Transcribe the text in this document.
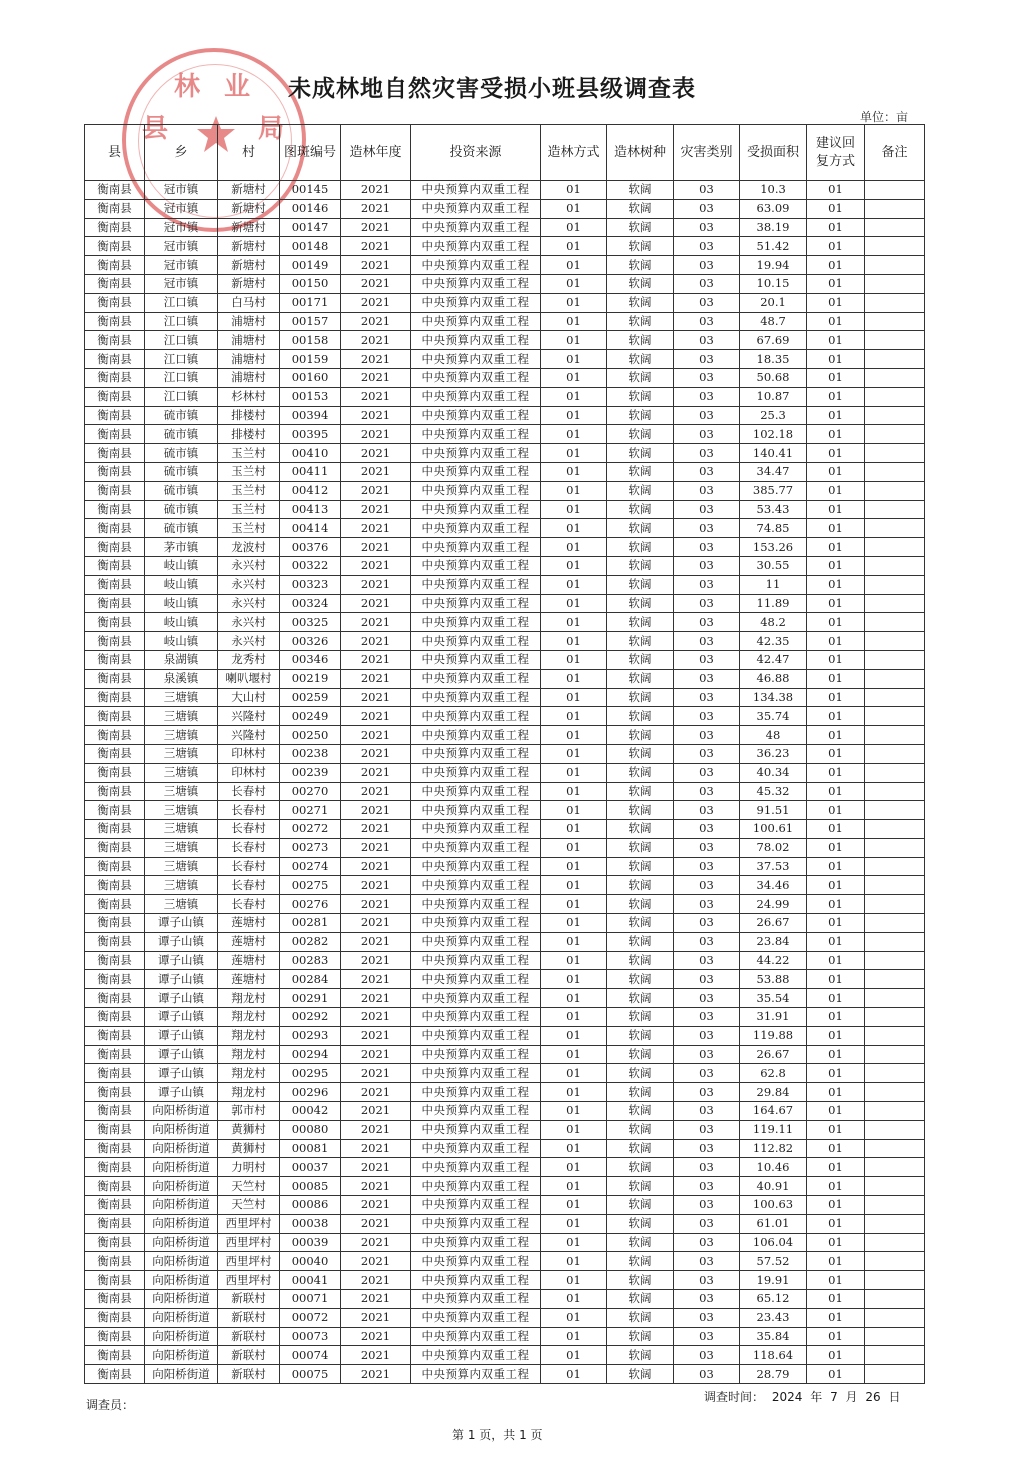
县
林 业
局
未成林地自然灾害受损小班县级调查表
单位：亩
县	乡	村	图斑编号	造林年度	投资来源	造林方式	造林树种	灾害类别	受损面积	建议回复方式	备注
衡南县	冠市镇	新塘村	00145	2021	中央预算内双重工程	01	软阔	03	10.3	01	
衡南县	冠市镇	新塘村	00146	2021	中央预算内双重工程	01	软阔	03	63.09	01	
衡南县	冠市镇	新塘村	00147	2021	中央预算内双重工程	01	软阔	03	38.19	01	
衡南县	冠市镇	新塘村	00148	2021	中央预算内双重工程	01	软阔	03	51.42	01	
衡南县	冠市镇	新塘村	00149	2021	中央预算内双重工程	01	软阔	03	19.94	01	
衡南县	冠市镇	新塘村	00150	2021	中央预算内双重工程	01	软阔	03	10.15	01	
衡南县	江口镇	白马村	00171	2021	中央预算内双重工程	01	软阔	03	20.1	01	
衡南县	江口镇	浦塘村	00157	2021	中央预算内双重工程	01	软阔	03	48.7	01	
衡南县	江口镇	浦塘村	00158	2021	中央预算内双重工程	01	软阔	03	67.69	01	
衡南县	江口镇	浦塘村	00159	2021	中央预算内双重工程	01	软阔	03	18.35	01	
衡南县	江口镇	浦塘村	00160	2021	中央预算内双重工程	01	软阔	03	50.68	01	
衡南县	江口镇	杉林村	00153	2021	中央预算内双重工程	01	软阔	03	10.87	01	
衡南县	硫市镇	排楼村	00394	2021	中央预算内双重工程	01	软阔	03	25.3	01	
衡南县	硫市镇	排楼村	00395	2021	中央预算内双重工程	01	软阔	03	102.18	01	
衡南县	硫市镇	玉兰村	00410	2021	中央预算内双重工程	01	软阔	03	140.41	01	
衡南县	硫市镇	玉兰村	00411	2021	中央预算内双重工程	01	软阔	03	34.47	01	
衡南县	硫市镇	玉兰村	00412	2021	中央预算内双重工程	01	软阔	03	385.77	01	
衡南县	硫市镇	玉兰村	00413	2021	中央预算内双重工程	01	软阔	03	53.43	01	
衡南县	硫市镇	玉兰村	00414	2021	中央预算内双重工程	01	软阔	03	74.85	01	
衡南县	茅市镇	龙波村	00376	2021	中央预算内双重工程	01	软阔	03	153.26	01	
衡南县	岐山镇	永兴村	00322	2021	中央预算内双重工程	01	软阔	03	30.55	01	
衡南县	岐山镇	永兴村	00323	2021	中央预算内双重工程	01	软阔	03	11	01	
衡南县	岐山镇	永兴村	00324	2021	中央预算内双重工程	01	软阔	03	11.89	01	
衡南县	岐山镇	永兴村	00325	2021	中央预算内双重工程	01	软阔	03	48.2	01	
衡南县	岐山镇	永兴村	00326	2021	中央预算内双重工程	01	软阔	03	42.35	01	
衡南县	泉湖镇	龙秀村	00346	2021	中央预算内双重工程	01	软阔	03	42.47	01	
衡南县	泉溪镇	喇叭堰村	00219	2021	中央预算内双重工程	01	软阔	03	46.88	01	
衡南县	三塘镇	大山村	00259	2021	中央预算内双重工程	01	软阔	03	134.38	01	
衡南县	三塘镇	兴隆村	00249	2021	中央预算内双重工程	01	软阔	03	35.74	01	
衡南县	三塘镇	兴隆村	00250	2021	中央预算内双重工程	01	软阔	03	48	01	
衡南县	三塘镇	印林村	00238	2021	中央预算内双重工程	01	软阔	03	36.23	01	
衡南县	三塘镇	印林村	00239	2021	中央预算内双重工程	01	软阔	03	40.34	01	
衡南县	三塘镇	长春村	00270	2021	中央预算内双重工程	01	软阔	03	45.32	01	
衡南县	三塘镇	长春村	00271	2021	中央预算内双重工程	01	软阔	03	91.51	01	
衡南县	三塘镇	长春村	00272	2021	中央预算内双重工程	01	软阔	03	100.61	01	
衡南县	三塘镇	长春村	00273	2021	中央预算内双重工程	01	软阔	03	78.02	01	
衡南县	三塘镇	长春村	00274	2021	中央预算内双重工程	01	软阔	03	37.53	01	
衡南县	三塘镇	长春村	00275	2021	中央预算内双重工程	01	软阔	03	34.46	01	
衡南县	三塘镇	长春村	00276	2021	中央预算内双重工程	01	软阔	03	24.99	01	
衡南县	谭子山镇	莲塘村	00281	2021	中央预算内双重工程	01	软阔	03	26.67	01	
衡南县	谭子山镇	莲塘村	00282	2021	中央预算内双重工程	01	软阔	03	23.84	01	
衡南县	谭子山镇	莲塘村	00283	2021	中央预算内双重工程	01	软阔	03	44.22	01	
衡南县	谭子山镇	莲塘村	00284	2021	中央预算内双重工程	01	软阔	03	53.88	01	
衡南县	谭子山镇	翔龙村	00291	2021	中央预算内双重工程	01	软阔	03	35.54	01	
衡南县	谭子山镇	翔龙村	00292	2021	中央预算内双重工程	01	软阔	03	31.91	01	
衡南县	谭子山镇	翔龙村	00293	2021	中央预算内双重工程	01	软阔	03	119.88	01	
衡南县	谭子山镇	翔龙村	00294	2021	中央预算内双重工程	01	软阔	03	26.67	01	
衡南县	谭子山镇	翔龙村	00295	2021	中央预算内双重工程	01	软阔	03	62.8	01	
衡南县	谭子山镇	翔龙村	00296	2021	中央预算内双重工程	01	软阔	03	29.84	01	
衡南县	向阳桥街道	郭市村	00042	2021	中央预算内双重工程	01	软阔	03	164.67	01	
衡南县	向阳桥街道	黄狮村	00080	2021	中央预算内双重工程	01	软阔	03	119.11	01	
衡南县	向阳桥街道	黄狮村	00081	2021	中央预算内双重工程	01	软阔	03	112.82	01	
衡南县	向阳桥街道	力明村	00037	2021	中央预算内双重工程	01	软阔	03	10.46	01	
衡南县	向阳桥街道	天竺村	00085	2021	中央预算内双重工程	01	软阔	03	40.91	01	
衡南县	向阳桥街道	天竺村	00086	2021	中央预算内双重工程	01	软阔	03	100.63	01	
衡南县	向阳桥街道	西里坪村	00038	2021	中央预算内双重工程	01	软阔	03	61.01	01	
衡南县	向阳桥街道	西里坪村	00039	2021	中央预算内双重工程	01	软阔	03	106.04	01	
衡南县	向阳桥街道	西里坪村	00040	2021	中央预算内双重工程	01	软阔	03	57.52	01	
衡南县	向阳桥街道	西里坪村	00041	2021	中央预算内双重工程	01	软阔	03	19.91	01	
衡南县	向阳桥街道	新联村	00071	2021	中央预算内双重工程	01	软阔	03	65.12	01	
衡南县	向阳桥街道	新联村	00072	2021	中央预算内双重工程	01	软阔	03	23.43	01	
衡南县	向阳桥街道	新联村	00073	2021	中央预算内双重工程	01	软阔	03	35.84	01	
衡南县	向阳桥街道	新联村	00074	2021	中央预算内双重工程	01	软阔	03	118.64	01	
衡南县	向阳桥街道	新联村	00075	2021	中央预算内双重工程	01	软阔	03	28.79	01	
调查员：
调查时间： 2024 年 7 月 26 日
第 1 页，共 1 页
